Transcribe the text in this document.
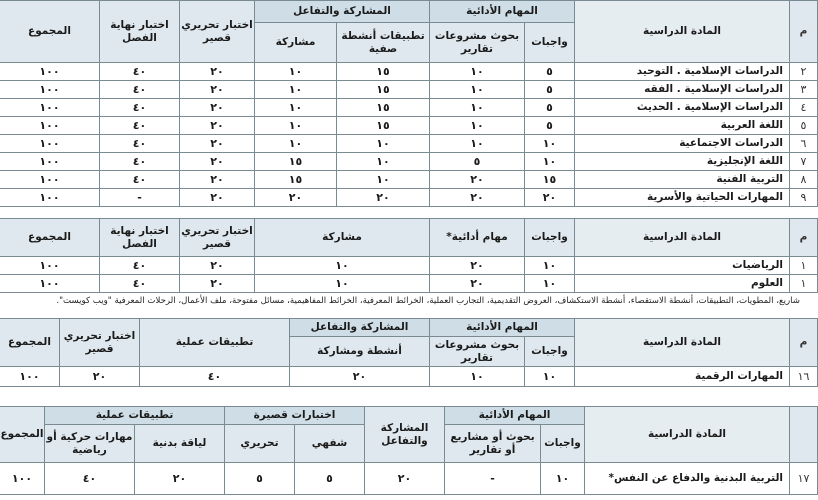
م	المادة الدراسية	المهام الأدائية		المشاركة والتفاعل		اختبار تحريري قصير	اختبار نهاية الفصل	المجموع
		واجبات	بحوث مشروعات تقارير	تطبيقات أنشطة صفية	مشاركة			
٢	الدراسات الإسلامية . التوحيد	٥	١٠	١٥	١٠	٢٠	٤٠	١٠٠
٣	الدراسات الإسلامية . الفقه	٥	١٠	١٥	١٠	٢٠	٤٠	١٠٠
٤	الدراسات الإسلامية . الحديث	٥	١٠	١٥	١٠	٢٠	٤٠	١٠٠
٥	اللغة العربية	٥	١٠	١٥	١٠	٢٠	٤٠	١٠٠
٦	الدراسات الاجتماعية	١٠	١٠	١٠	١٠	٢٠	٤٠	١٠٠
٧	اللغة الإنجليزية	١٠	٥	١٠	١٥	٢٠	٤٠	١٠٠
٨	التربية الفنية	١٥	٢٠	١٠	١٥	٢٠	٤٠	١٠٠
٩	المهارات الحياتية والأسرية	٢٠	٢٠	٢٠	٢٠	٢٠	-	١٠٠
م	المادة الدراسية	واجبات	مهام أدائية*	مشاركة	اختبار تحريري قصير	اختبار نهاية الفصل	المجموع
١	الرياضيات	١٠	٢٠	١٠	٢٠	٤٠	١٠٠
١	العلوم	١٠	٢٠	١٠	٢٠	٤٠	١٠٠
شاريع، المطويات، التطبيقات، أنشطة الاستقصاء، أنشطة الاستكشاف، العروض التقديمية، التجارب العملية، الخرائط المعرفية، الخرائط المفاهيمية، مسائل مفتوحة، ملف الأعمال، الرحلات المعرفية "ويب كويست".
م	المادة الدراسية	المهام الأدائية		المشاركة والتفاعل	تطبيقات عملية	اختبار تحريري قصير	المجموع
		واجبات	بحوث مشروعات تقارير	أنشطة ومشاركة			
١٦	المهارات الرقمية	١٠	١٠	٢٠	٤٠	٢٠	١٠٠
	المادة الدراسية	المهام الأدائية		المشاركة والتفاعل	اختبارات قصيرة		تطبيقات عملية		المجموع
		واجبات	بحوث أو مشاريع أو تقارير		شفهي	تحريري	لياقة بدنية	مهارات حركية أو رياضية	
١٧	التربية البدنية والدفاع عن النفس*	١٠	-	٢٠	٥	٥	٢٠	٤٠	١٠٠
